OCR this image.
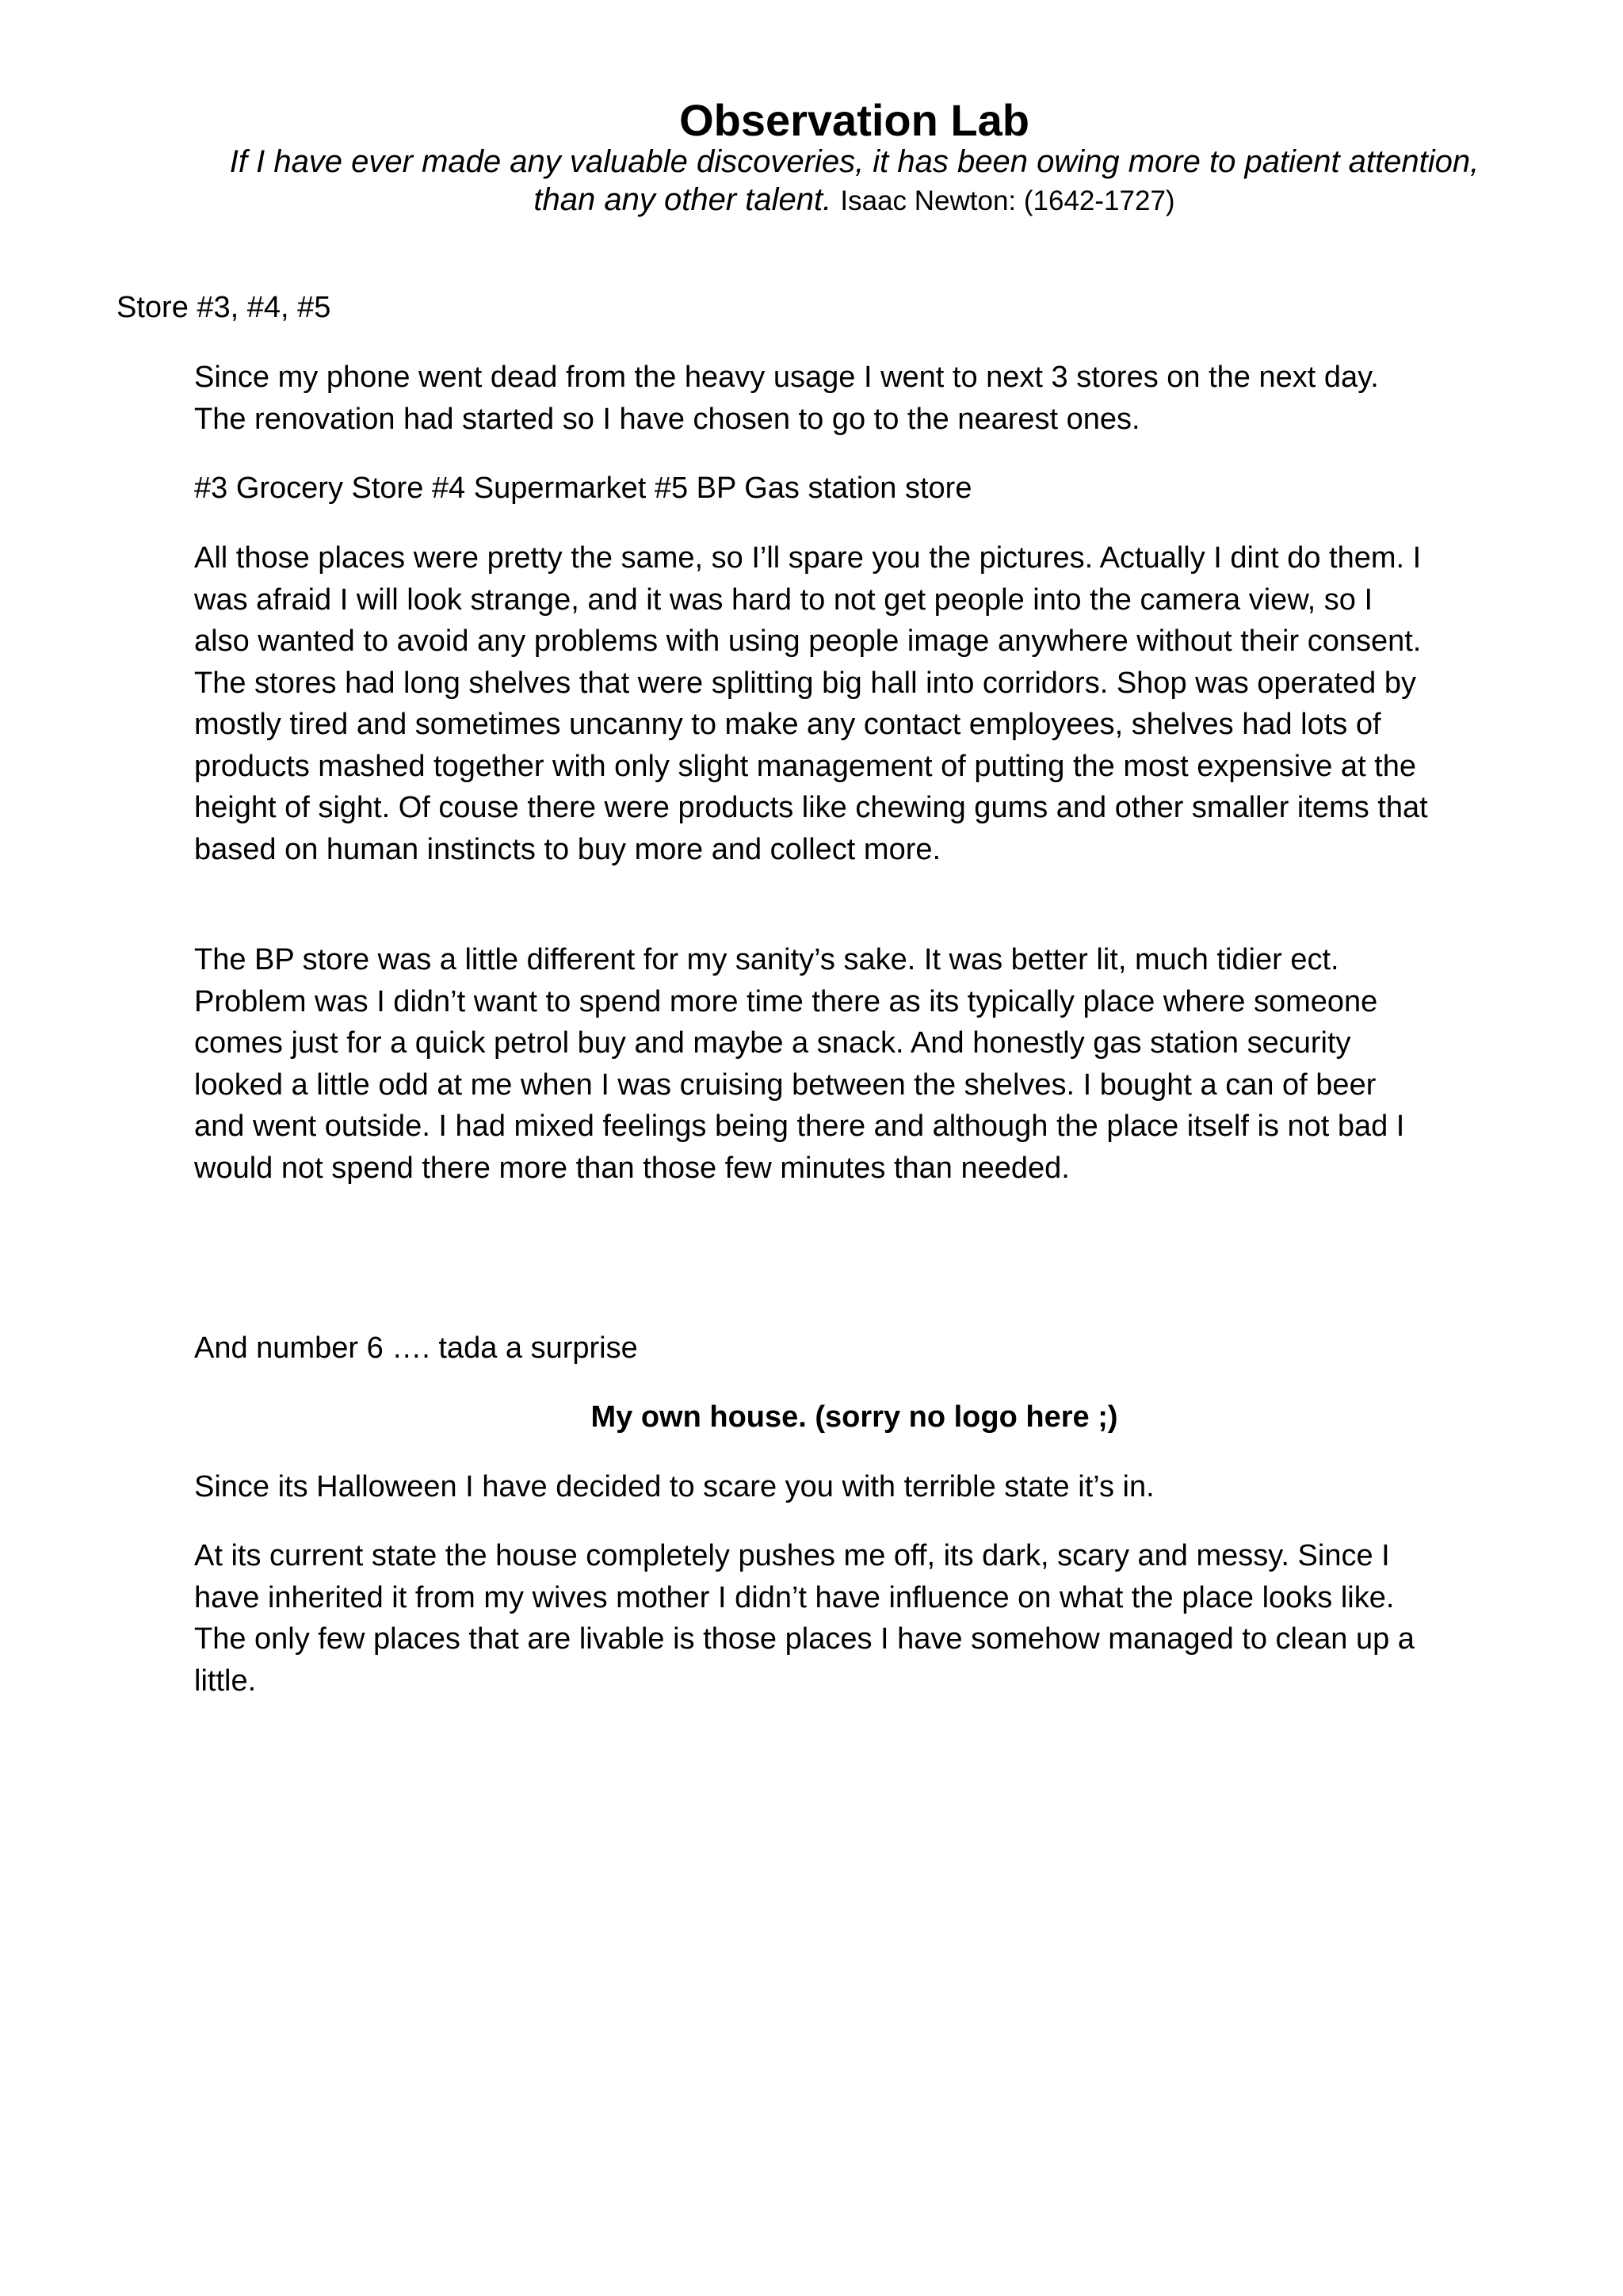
Observation Lab

If I have ever made any valuable discoveries, it has been owing more to patient attention, than any other talent. Isaac Newton: (1642-1727)

Store #3, #4, #5

Since my phone went dead from the heavy usage I went to next 3 stores on the next day. The renovation had started so I have chosen to go to the nearest ones.

#3 Grocery Store #4 Supermarket #5 BP Gas station store

All those places were pretty the same, so I’ll spare you the pictures. Actually I dint do them. I was afraid I will look strange, and it was hard to not get people into the camera view, so I also wanted to avoid any problems with using people image anywhere without their consent. The stores had long shelves that were splitting big hall into corridors. Shop was operated by mostly tired and sometimes uncanny to make any contact employees, shelves had lots of products mashed together with only slight management of putting the most expensive at the height of sight. Of couse there were products like chewing gums and other smaller items that based on human instincts to buy more and collect more.

The BP store was a little different for my sanity’s sake. It was better lit, much tidier ect. Problem was I didn’t want to spend more time there as its typically place where someone comes just for a quick petrol buy and maybe a snack. And honestly gas station security looked a little odd at me when I was cruising between the shelves. I bought a can of beer and went outside. I had mixed feelings being there and although the place itself is not bad I would not spend there more than those few minutes than needed.

And number 6 …. tada a surprise

My own house. (sorry no logo here ;)

Since its Halloween I have decided to scare you with terrible state it’s in.

At its current state the house completely pushes me off, its dark, scary and messy. Since I have inherited it from my wives mother I didn’t have influence on what the place looks like. The only few places that are livable is those places I have somehow managed to clean up a little.
